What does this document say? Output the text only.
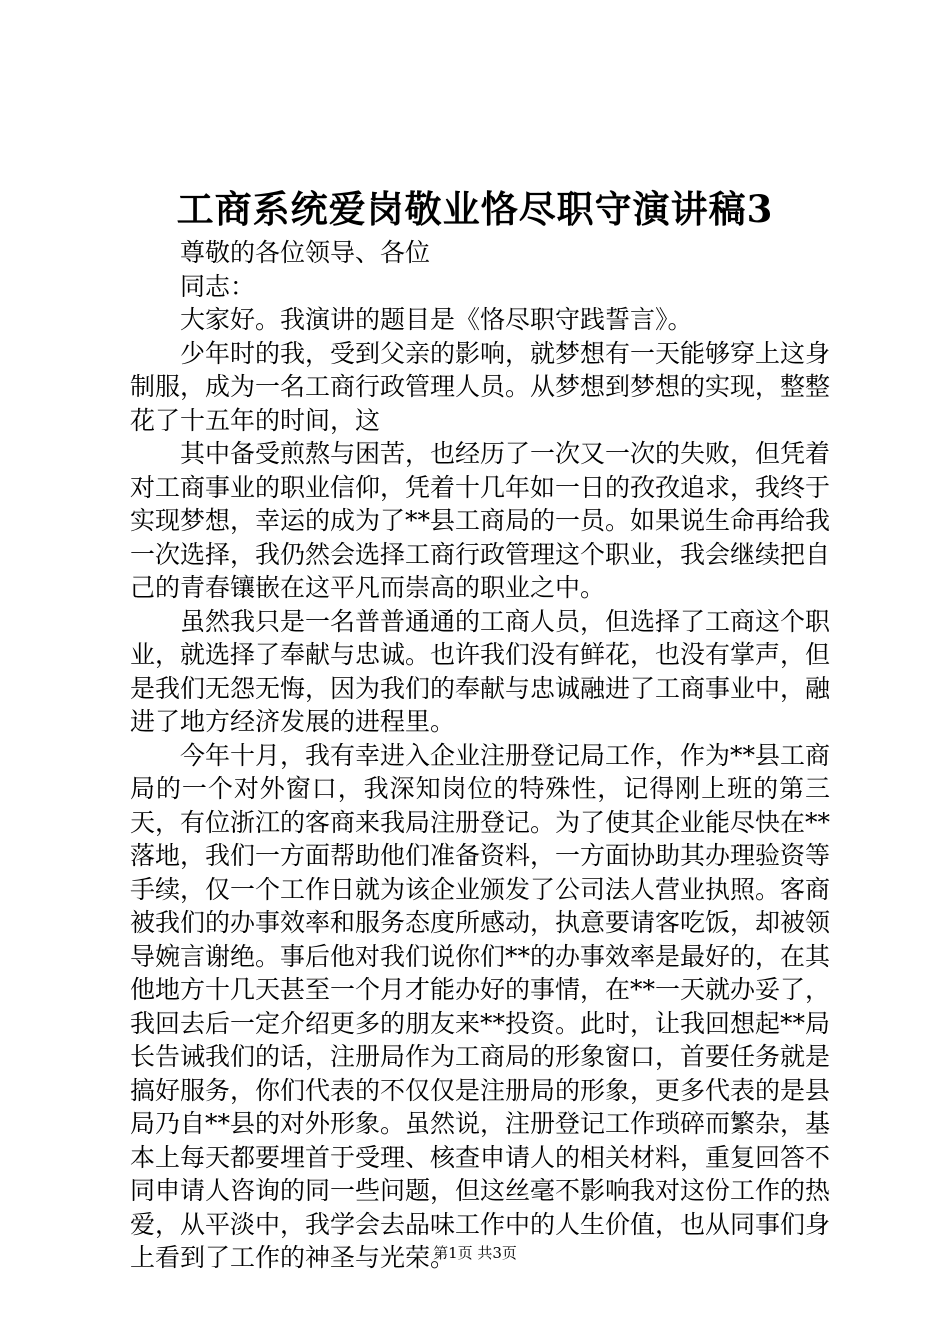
工商系统爱岗敬业恪尽职守演讲稿3

尊敬的各位领导、各位

同志：

大家好。我演讲的题目是《恪尽职守践誓言》。

少年时的我，受到父亲的影响，就梦想有一天能够穿上这身制服，成为一名工商行政管理人员。从梦想到梦想的实现，整整花了十五年的时间，这

其中备受煎熬与困苦，也经历了一次又一次的失败，但凭着对工商事业的职业信仰，凭着十几年如一日的孜孜追求，我终于实现梦想，幸运的成为了**县工商局的一员。如果说生命再给我一次选择，我仍然会选择工商行政管理这个职业，我会继续把自己的青春镶嵌在这平凡而崇高的职业之中。

虽然我只是一名普普通通的工商人员，但选择了工商这个职业，就选择了奉献与忠诚。也许我们没有鲜花，也没有掌声，但是我们无怨无悔，因为我们的奉献与忠诚融进了工商事业中，融进了地方经济发展的进程里。

今年十月，我有幸进入企业注册登记局工作，作为**县工商局的一个对外窗口，我深知岗位的特殊性，记得刚上班的第三天，有位浙江的客商来我局注册登记。为了使其企业能尽快在**落地，我们一方面帮助他们准备资料，一方面协助其办理验资等手续，仅一个工作日就为该企业颁发了公司法人营业执照。客商被我们的办事效率和服务态度所感动，执意要请客吃饭，却被领导婉言谢绝。事后他对我们说你们**的办事效率是最好的，在其他地方十几天甚至一个月才能办好的事情，在**一天就办妥了，我回去后一定介绍更多的朋友来**投资。此时，让我回想起**局长告诫我们的话，注册局作为工商局的形象窗口，首要任务就是搞好服务，你们代表的不仅仅是注册局的形象，更多代表的是县局乃自**县的对外形象。虽然说，注册登记工作琐碎而繁杂，基本上每天都要埋首于受理、核查申请人的相关材料，重复回答不同申请人咨询的同一些问题，但这丝毫不影响我对这份工作的热爱，从平淡中，我学会去品味工作中的人生价值，也从同事们身上看到了工作的神圣与光荣。

第1页 共3页
